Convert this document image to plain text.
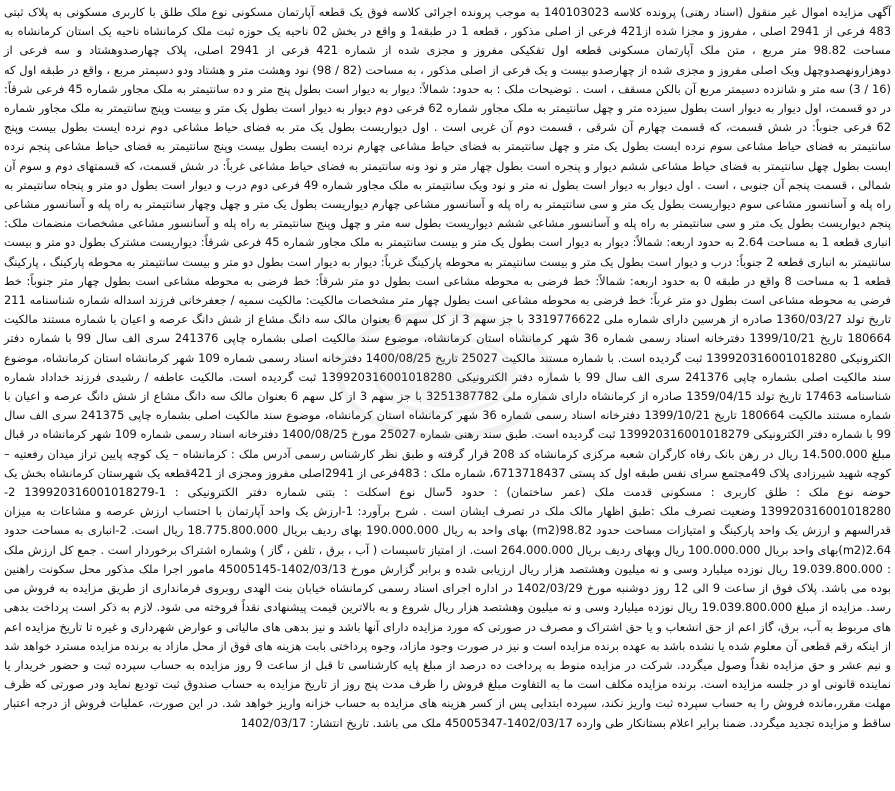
آگهی مزایده اموال غیر منقول (اسناد رهنی) پرونده کلاسه 140103023 به موجب پرونده اجرائی کلاسه فوق یک قطعه آپارتمان مسکونی نوع ملک طلق با کاربری مسکونی به پلاک ثبتی 483 فرعی از 2941 اصلی ، مفروز و مجزا شده از421 فرعی از اصلی مذکور ، قطعه 1 در طبقه1 و واقع در بخش 02 ناحیه یک حوزه ثبت ملک کرمانشاه ناحیه یک استان کرمانشاه به مساحت 98.82 متر مربع ، متن ملک آپارتمان مسکونی قطعه اول تفکیکی مفروز و مجزی شده از شماره 421 فرعی از 2941 اصلی، پلاک چهارصدوهشتاد و سه فرعی از دوهزارونهصدوچهل ویک اصلی مفروز و مجزی شده از چهارصدو بیست و یک فرعی از اصلی مذکور ، به مساحت (82 / 98) نود وهشت متر و هشتاد ودو دسیمتر مربع ، واقع در طبقه اول که (16 / 3) سه متر و شانزده دسیمتر مربع آن بالکن مسقف ، است . توضیحات ملک : به حدود: شمالاً: دیوار به دیوار است بطول پنج متر و ده سانتیمتر به ملک مجاور شماره 45 فرعی شرقاً: در دو قسمت، اول دیوار به دیوار است بطول سیزده متر و چهل سانتیمتر به ملک مجاور شماره 62 فرعی دوم دیوار به دیوار است بطول یک متر و بیست وپنج سانتیمتر به ملک مجاور شماره 62 فرعی جنوباً: در شش قسمت، که قسمت چهارم آن شرقی ، قسمت دوم آن غربی است . اول دیواریست بطول یک متر به فضای حیاط مشاعی دوم نرده ایست بطول بیست وپنج سانتیمتر به فضای حیاط مشاعی سوم نرده ایست بطول یک متر و چهل سانتیمتر به فضای حیاط مشاعی چهارم نرده ایست بطول بیست وپنج سانتیمتر به فضای حیاط مشاعی پنجم نرده ایست بطول چهل سانتیمتر به فضای حیاط مشاعی ششم دیوار و پنجره است بطول چهار متر و نود ونه سانتیمتر به فضای حیاط مشاعی غرباً: در شش قسمت، که قسمتهای دوم و سوم آن شمالی ، قسمت پنجم آن جنوبی ، است . اول دیوار به دیوار است بطول نه متر و نود ویک سانتیمتر به ملک مجاور شماره 49 فرعی دوم درب و دیوار است بطول دو متر و پنجاه سانتیمتر به راه پله و آسانسور مشاعی سوم دیواریست بطول یک متر و سی سانتیمتر به راه پله و آسانسور مشاعی چهارم دیواریست بطول یک متر و چهل وچهار سانتیمتر به راه پله و آسانسور مشاعی پنجم دیواریست بطول یک متر و سی سانتیمتر به راه پله و آسانسور مشاعی ششم دیواریست بطول سه متر و چهل وپنج سانتیمتر به راه پله و آسانسور مشاعی مشخصات منضمات ملک: انباری قطعه 1 به مساحت 2.64 به حدود اربعه: شمالاً: دیوار به دیوار است بطول یک متر و بیست سانتیمتر به ملک مجاور شماره 45 فرعی شرقاً: دیواریست مشترک بطول دو متر و بیست سانتیمتر به انباری قطعه 2 جنوباً: درب و دیوار است بطول یک متر و بیست سانتیمتر به محوطه پارکینگ غرباً: دیوار به دیوار است بطول دو متر و بیست سانتیمتر به محوطه پارکینگ ، پارکینگ قطعه 1 به مساحت 8 واقع در طبقه 0 به حدود اربعه: شمالاً: خط فرضی به محوطه مشاعی است بطول دو متر شرقاً: خط فرضی به محوطه مشاعی است بطول چهار متر جنوباً: خط فرضی به محوطه مشاعی است بطول دو متر غرباً: خط فرضی به محوطه مشاعی است بطول چهار متر مشخصات مالکیت: مالکیت سمیه / جعفرخانی فرزند اسداله شماره شناسنامه 211 تاریخ تولد 1360/03/27 صادره از هرسین دارای شماره ملی 3319776622 با جز سهم 3 از کل سهم 6 بعنوان مالک سه دانگ مشاع از شش دانگ عرصه و اعیان با شماره مستند مالکیت 180664 تاریخ 1399/10/21 دفترخانه اسناد رسمی شماره 36 شهر کرمانشاه استان کرمانشاه، موضوع سند مالکیت اصلی بشماره چاپی 241376 سری الف سال 99 با شماره دفتر الکترونیکی 139920316001018280 ثبت گردیده است. با شماره مستند مالکیت 25027 تاریخ 1400/08/25 دفترخانه اسناد رسمی شماره 109 شهر کرمانشاه استان کرمانشاه، موضوع سند مالکیت اصلی بشماره چاپی 241376 سری الف سال 99 با شماره دفتر الکترونیکی 139920316001018280 ثبت گردیده است. مالکیت عاطفه / رشیدی فرزند خداداد شماره شناسنامه 17463 تاریخ تولد 1359/04/15 صادره از کرمانشاه دارای شماره ملی 3251387782 با جز سهم 3 از کل سهم 6 بعنوان مالک سه دانگ مشاع از شش دانگ عرصه و اعیان با شماره مستند مالکیت 180664 تاریخ 1399/10/21 دفترخانه اسناد رسمی شماره 36 شهر کرمانشاه استان کرمانشاه، موضوع سند مالکیت اصلی بشماره چاپی 241375 سری الف سال 99 با شماره دفتر الکترونیکی 139920316001018279 ثبت گردیده است. طبق سند رهنی شماره 25027 مورخ 1400/08/25 دفترخانه اسناد رسمی شماره 109 شهر کرمانشاه در قبال مبلغ 14.500.000 ریال در رهن بانک رفاه کارگران شعبه مرکزی کرمانشاه کد 208 قرار گرفته و طبق نظر کارشناس رسمی آدرس ملک : کرمانشاه – یک کوچه پایین تراز میدان رفعتیه – کوچه شهید شیرزادی پلاک 49مجتمع سرای نفس طبقه اول کد پستی 6713718437، شماره ملک : 483فرعی از 2941اصلی مفروز ومجزی از 421قطعه یک شهرستان کرمانشاه بخش یک حوضه نوع ملک : طلق کاربری : مسکونی قدمت ملک (عمر ساختمان) : حدود 5سال نوع اسکلت : بتنی شماره دفتر الکترونیکی : 1-139920316001018279 2-139920316001018280 وضعیت تصرف ملک :طبق اظهار مالک ملک در تصرف ایشان است . شرح برآورد: 1-ارزش یک واحد آپارتمان با احتساب ارزش عرصه و مشاعات به میزان قدرالسهم و ارزش یک واحد پارکینگ و امتیازات مساحت حدود 98.82(m2) بهای واحد به ریال 190.000.000 بهای ردیف بریال 18.775.800.000 ریال است. 2-انباری به مساحت حدود 2.64(m2)بهای واحد بریال 100.000.000 ریال وبهای ردیف بریال 264.000.000 است. از امتیاز تاسیسات ( آب ، برق ، تلفن ، گاز ) وشماره اشتراک برخوردار است . جمع کل ارزش ملک : 19.039.800.000 ریال نوزده میلیارد وسی و نه میلیون وهشتصد هزار ریال ارزیابی شده و برابر گزارش مورخ 1402/03/13-45005145 مامور اجرا ملک مذکور محل سکونت راهنین بوده می باشد. پلاک فوق از ساعت 9 الی 12 روز دوشنبه مورخ 1402/03/29 در اداره اجرای اسناد رسمی کرمانشاه خیابان بنت الهدی روبروی فرمانداری از طریق مزایده به فروش می رسد. مزایده از مبلغ 19.039.800.000 ریال نوزده میلیارد وسی و نه میلیون وهشتصد هزار ریال شروع و به بالاترین قیمت پیشنهادی نقداً فروخته می شود. لازم به ذکر است پرداخت بدهی های مربوط به آب، برق، گاز اعم از حق انشعاب و یا حق اشتراک و مصرف در صورتی که مورد مزایده دارای آنها باشد و نیز بدهی های مالیاتی و عوارض شهرداری و غیره تا تاریخ مزایده اعم از اینکه رقم قطعی آن معلوم شده یا نشده باشد به عهده برنده مزایده است و نیز در صورت وجود مازاد، وجوه پرداختی بابت هزینه های فوق از محل مازاد به برنده مزایده مسترد خواهد شد و نیم عشر و حق مزایده نقداً وصول میگردد. شرکت در مزایده منوط به پرداخت ده درصد از مبلغ پایه کارشناسی تا قبل از ساعت 9 روز مزایده به حساب سپرده ثبت و حضور خریدار یا نماینده قانونی او در جلسه مزایده است. برنده مزایده مکلف است ما به التفاوت مبلغ فروش را ظرف مدت پنج روز از تاریخ مزایده به حساب صندوق ثبت تودیع نماید ودر صورتی که ظرف مهلت مقرر،مانده فروش را به حساب سپرده ثبت واریز نکند، سپرده ابتدایی پس از کسر هزینه های مزایده به حساب خزانه واریز خواهد شد. در این صورت، عملیات فروش از درجه اعتبار ساقط و مزایده تجدید میگردد. ضمنا برابر اعلام بستانکار طی وارده 1402/03/17-45005347 ملک می باشد. تاریخ انتشار: 1402/03/17
